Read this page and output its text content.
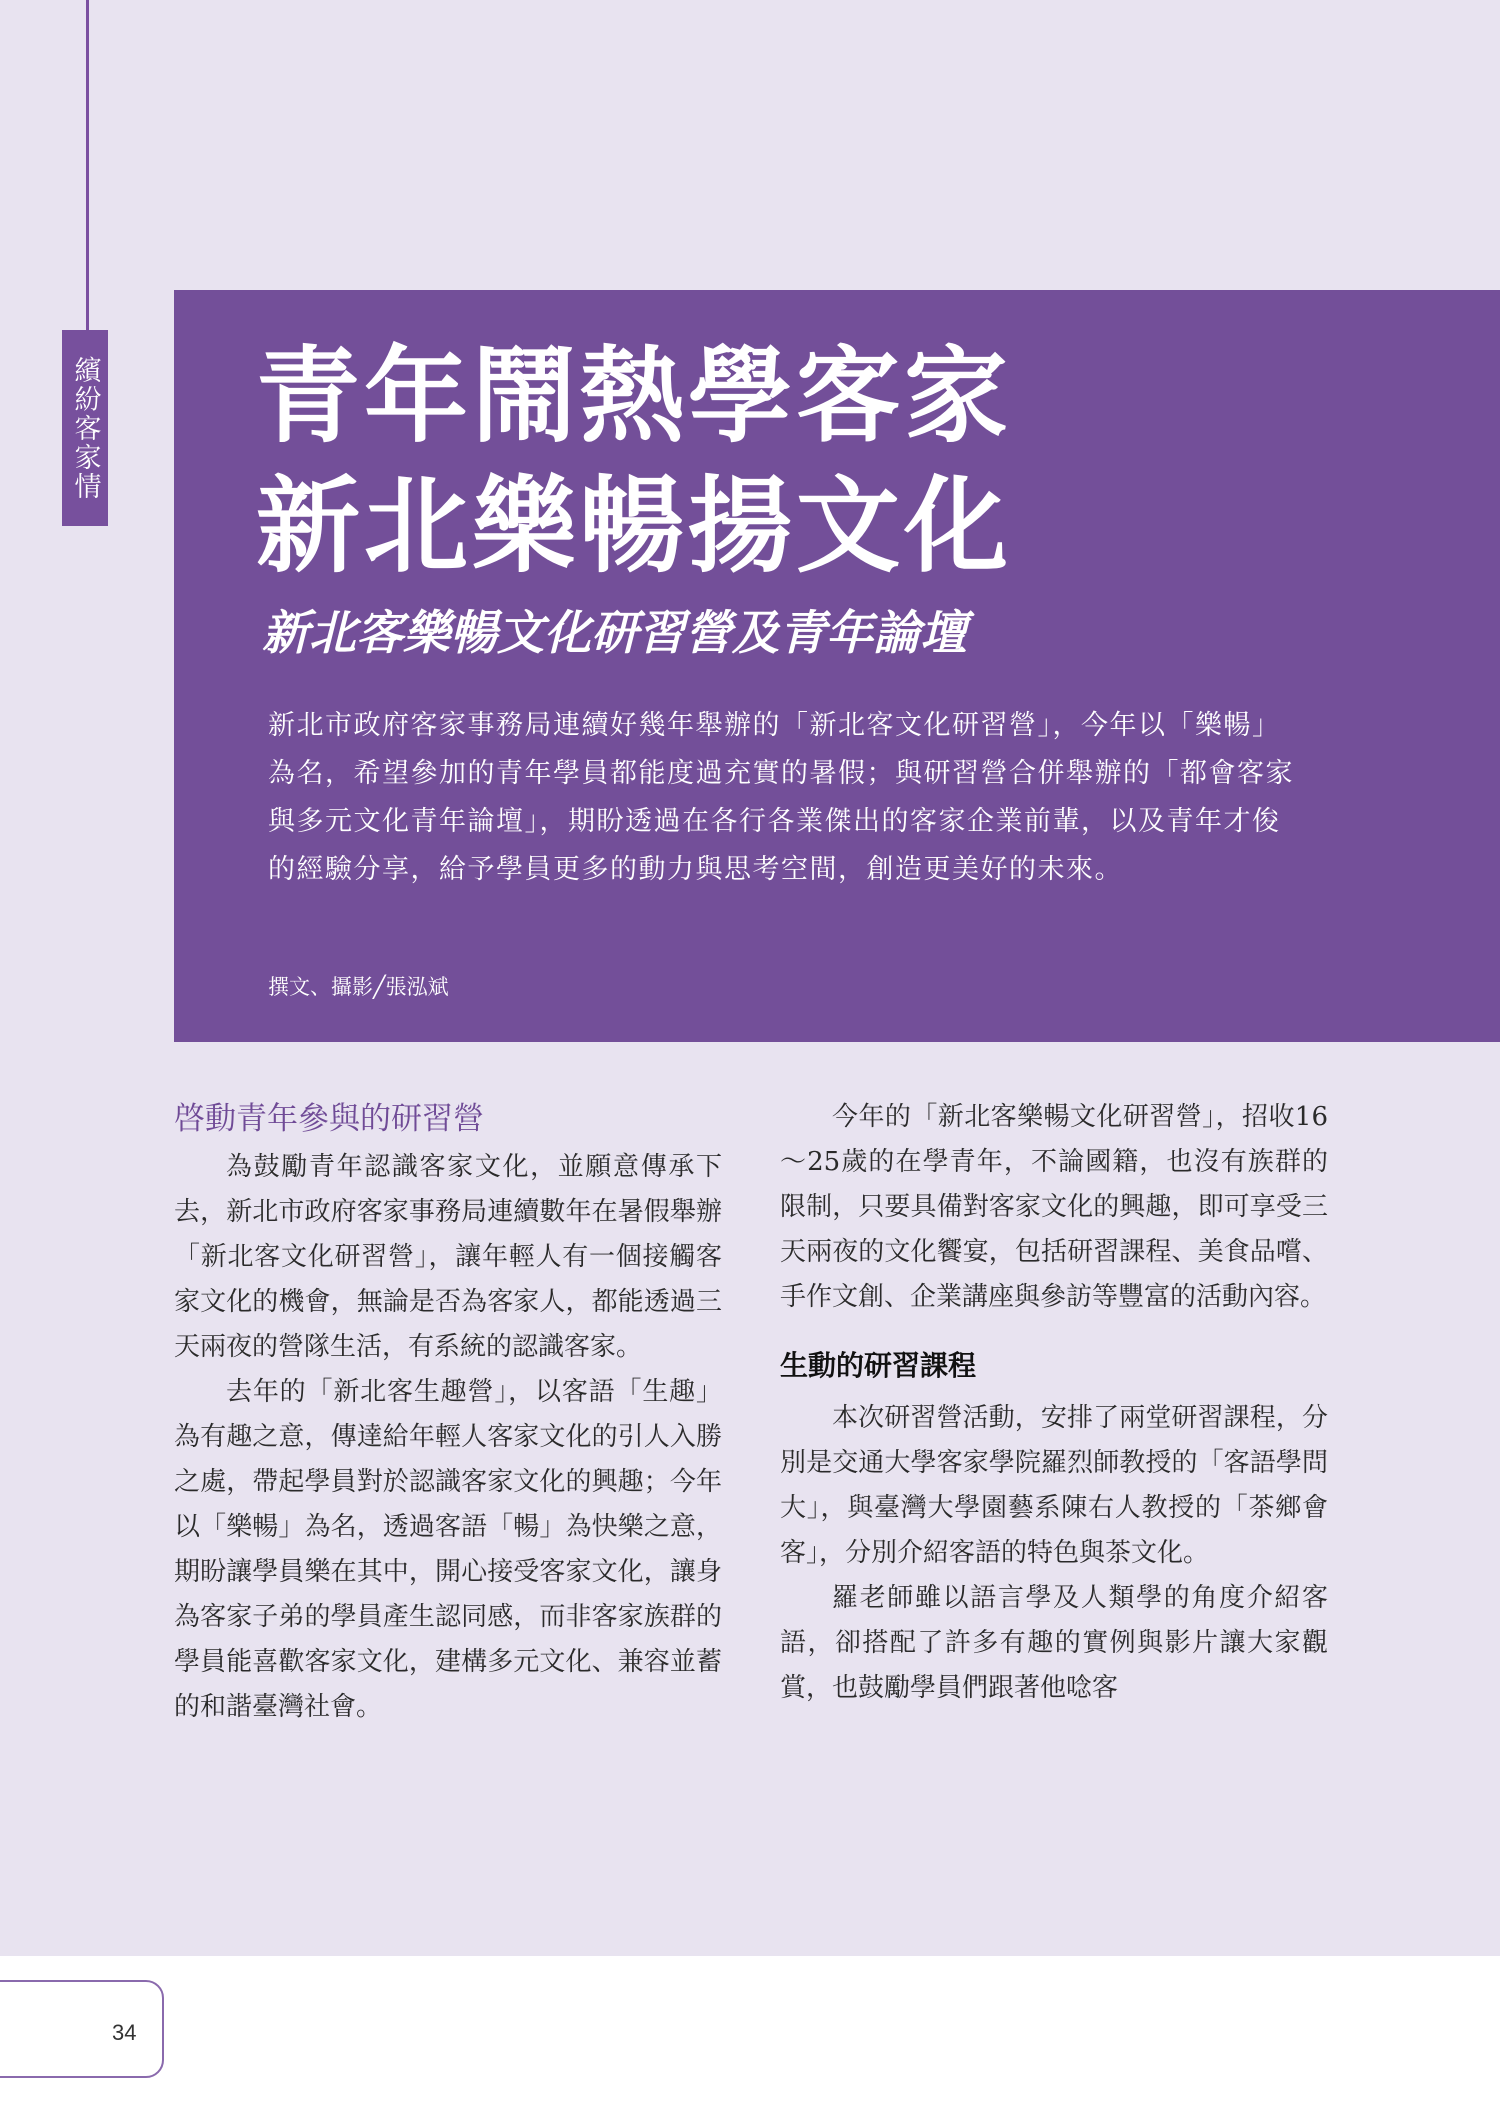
繽紛客家情 青年鬧熱學客家
新北樂暢揚文化
新北客樂暢文化研習營及青年論壇

新北市政府客家事務局連續好幾年舉辦的「新北客文化研習營」，今年以「樂暢」為名，希望參加的青年學員都能度過充實的暑假；與研習營合併舉辦的「都會客家與多元文化青年論壇」，期盼透過在各行各業傑出的客家企業前輩，以及青年才俊的經驗分享，給予學員更多的動力與思考空間，創造更美好的未來。

撰文、攝影╱張泓斌
啓動青年參與的研習營

為鼓勵青年認識客家文化，並願意傳承下去，新北市政府客家事務局連續數年在暑假舉辦「新北客文化研習營」，讓年輕人有一個接觸客家文化的機會，無論是否為客家人，都能透過三天兩夜的營隊生活，有系統的認識客家。

去年的「新北客生趣營」，以客語「生趣」為有趣之意，傳達給年輕人客家文化的引人入勝之處，帶起學員對於認識客家文化的興趣；今年以「樂暢」為名，透過客語「暢」為快樂之意，期盼讓學員樂在其中，開心接受客家文化，讓身為客家子弟的學員產生認同感，而非客家族群的學員能喜歡客家文化，建構多元文化、兼容並蓄的和諧臺灣社會。

今年的「新北客樂暢文化研習營」，招收16～25歲的在學青年，不論國籍，也沒有族群的限制，只要具備對客家文化的興趣，即可享受三天兩夜的文化饗宴，包括研習課程、美食品嚐、手作文創、企業講座與參訪等豐富的活動內容。

生動的研習課程

本次研習營活動，安排了兩堂研習課程，分別是交通大學客家學院羅烈師教授的「客語學問大」，與臺灣大學園藝系陳右人教授的「茶鄉會客」，分別介紹客語的特色與茶文化。

羅老師雖以語言學及人類學的角度介紹客語，卻搭配了許多有趣的實例與影片讓大家觀賞，也鼓勵學員們跟著他唸客

34
